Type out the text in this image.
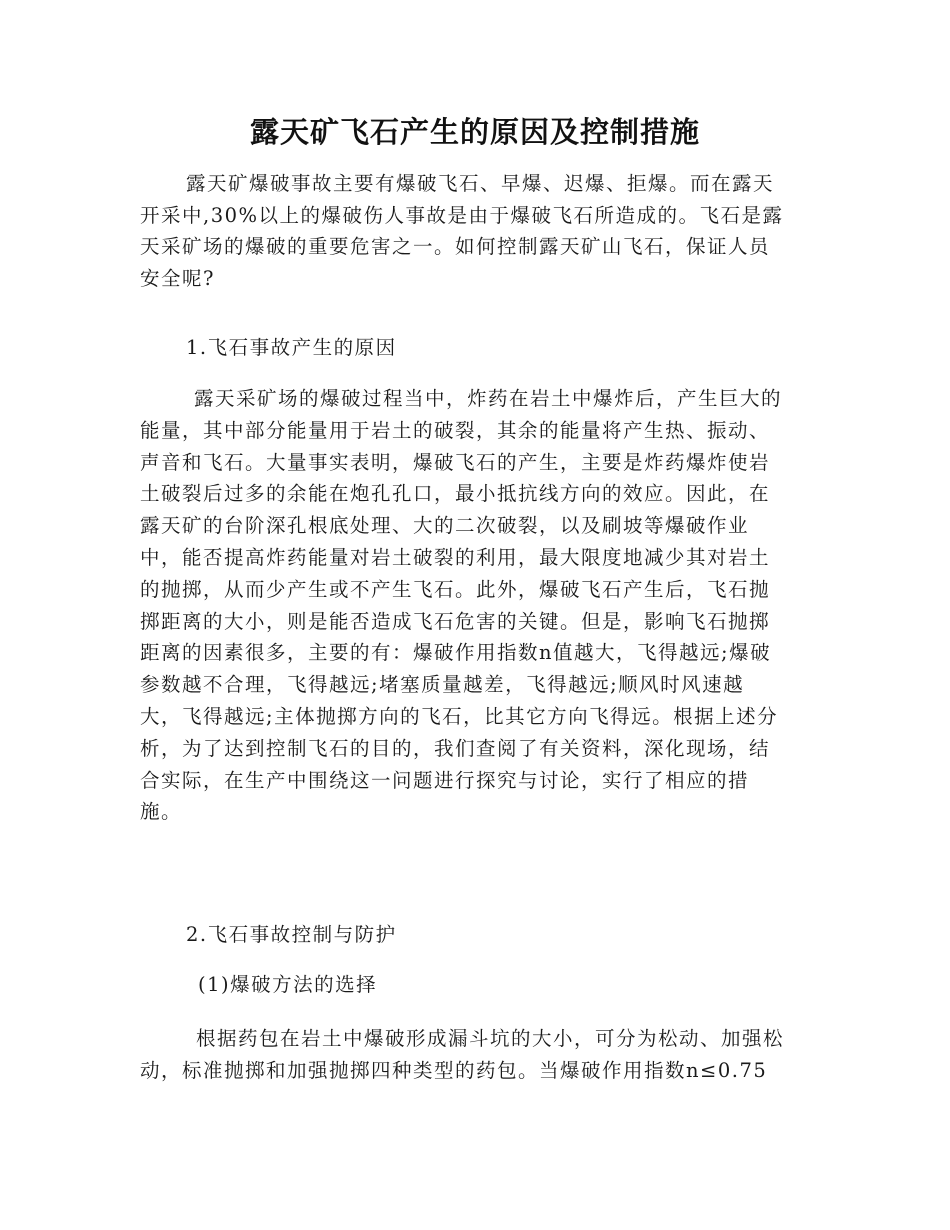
露天矿飞石产生的原因及控制措施
露天矿爆破事故主要有爆破飞石、早爆、迟爆、拒爆。而在露天
开采中,30%以上的爆破伤人事故是由于爆破飞石所造成的。飞石是露
天采矿场的爆破的重要危害之一。如何控制露天矿山飞石，保证人员
安全呢?
1.飞石事故产生的原因
露天采矿场的爆破过程当中，炸药在岩土中爆炸后，产生巨大的
能量，其中部分能量用于岩土的破裂，其余的能量将产生热、振动、
声音和飞石。大量事实表明，爆破飞石的产生，主要是炸药爆炸使岩
土破裂后过多的余能在炮孔孔口，最小抵抗线方向的效应。因此，在
露天矿的台阶深孔根底处理、大的二次破裂，以及刷坡等爆破作业
中，能否提高炸药能量对岩土破裂的利用，最大限度地减少其对岩土
的抛掷，从而少产生或不产生飞石。此外，爆破飞石产生后，飞石抛
掷距离的大小，则是能否造成飞石危害的关键。但是，影响飞石抛掷
距离的因素很多，主要的有：爆破作用指数n值越大，飞得越远;爆破
参数越不合理，飞得越远;堵塞质量越差，飞得越远;顺风时风速越
大，飞得越远;主体抛掷方向的飞石，比其它方向飞得远。根据上述分
析，为了达到控制飞石的目的，我们查阅了有关资料，深化现场，结
合实际，在生产中围绕这一问题进行探究与讨论，实行了相应的措
施。
2.飞石事故控制与防护
(1)爆破方法的选择
根据药包在岩土中爆破形成漏斗坑的大小，可分为松动、加强松
动，标准抛掷和加强抛掷四种类型的药包。当爆破作用指数n≤0.75
